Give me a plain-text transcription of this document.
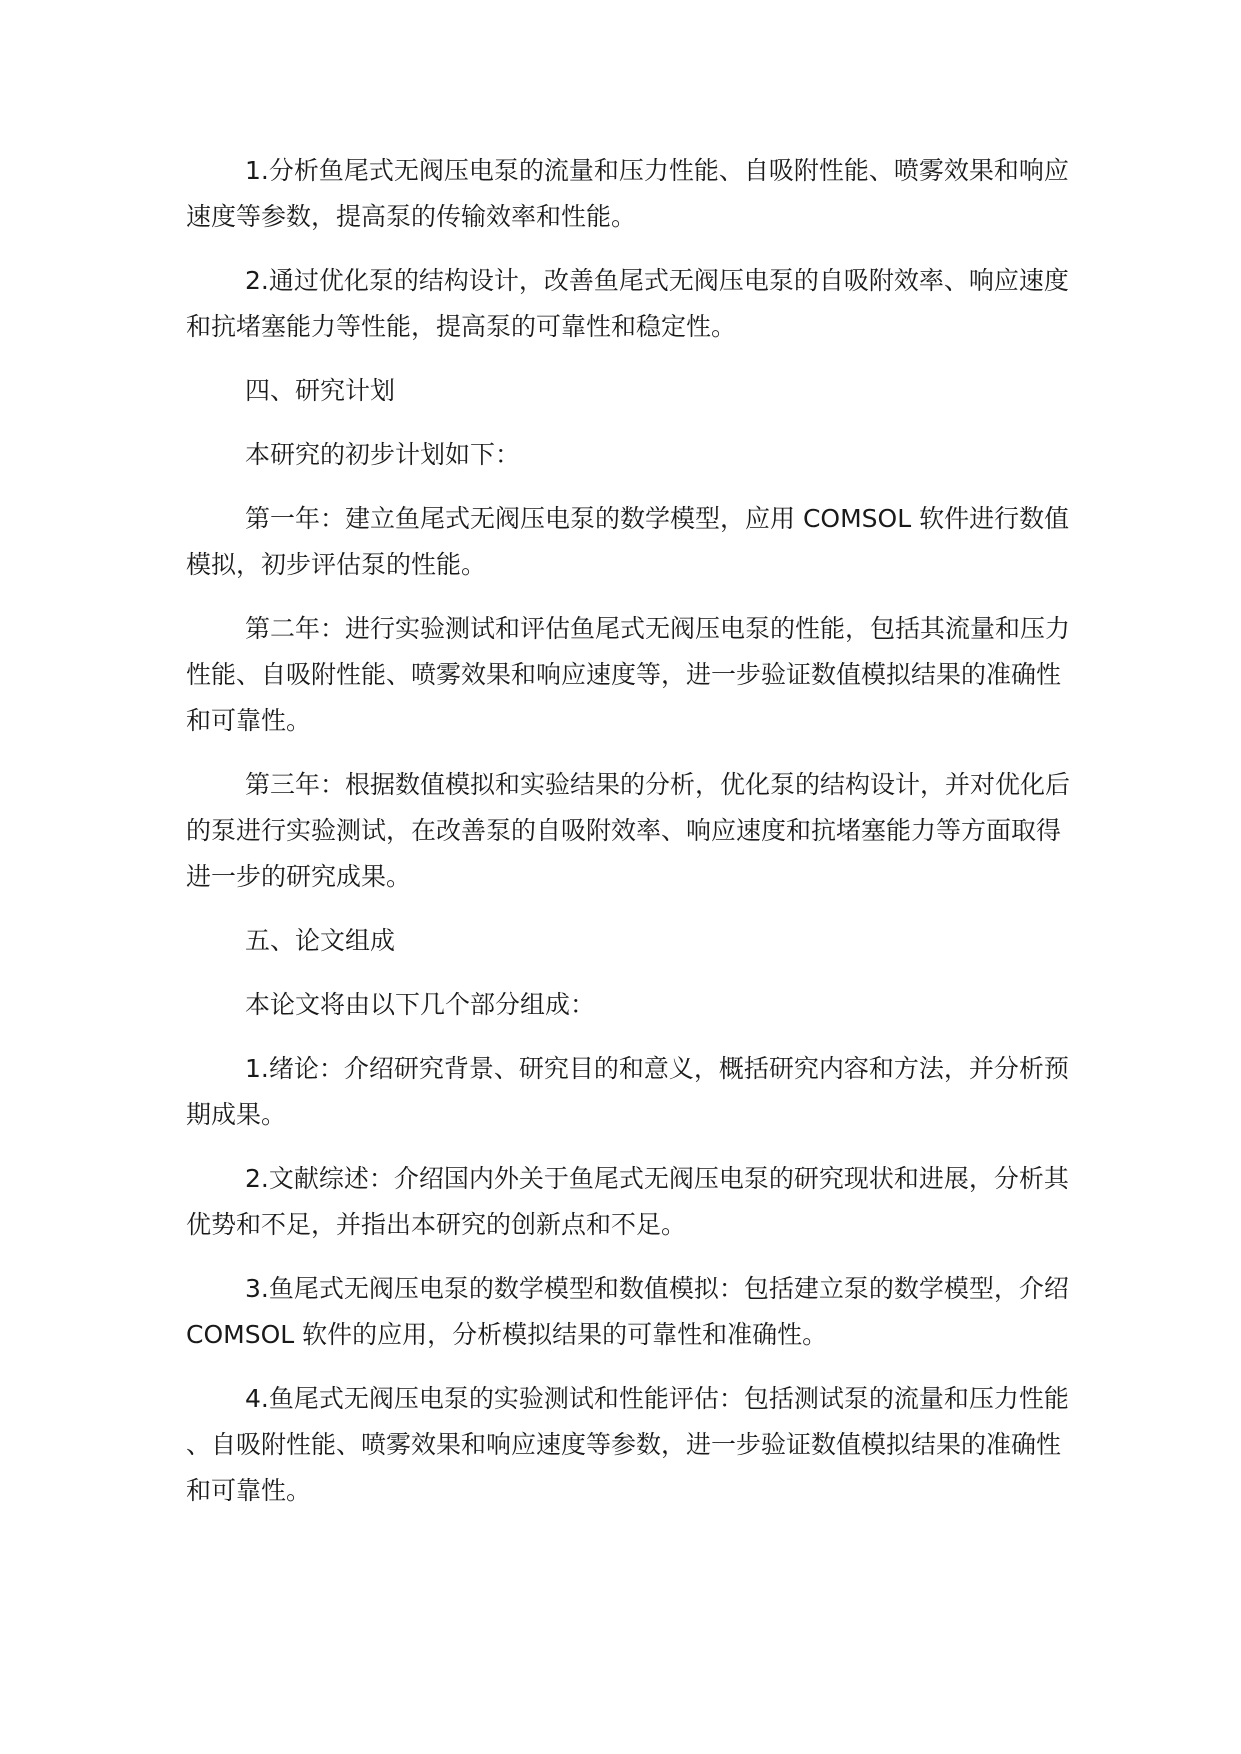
1.分析鱼尾式无阀压电泵的流量和压力性能、自吸附性能、喷雾效果和响应速度等参数，提高泵的传输效率和性能。

2.通过优化泵的结构设计，改善鱼尾式无阀压电泵的自吸附效率、响应速度和抗堵塞能力等性能，提高泵的可靠性和稳定性。

四、研究计划

本研究的初步计划如下：

第一年：建立鱼尾式无阀压电泵的数学模型，应用 COMSOL 软件进行数值模拟，初步评估泵的性能。

第二年：进行实验测试和评估鱼尾式无阀压电泵的性能，包括其流量和压力性能、自吸附性能、喷雾效果和响应速度等，进一步验证数值模拟结果的准确性和可靠性。

第三年：根据数值模拟和实验结果的分析，优化泵的结构设计，并对优化后的泵进行实验测试，在改善泵的自吸附效率、响应速度和抗堵塞能力等方面取得进一步的研究成果。

五、论文组成

本论文将由以下几个部分组成：

1.绪论：介绍研究背景、研究目的和意义，概括研究内容和方法，并分析预期成果。

2.文献综述：介绍国内外关于鱼尾式无阀压电泵的研究现状和进展，分析其优势和不足，并指出本研究的创新点和不足。

3.鱼尾式无阀压电泵的数学模型和数值模拟：包括建立泵的数学模型，介绍 COMSOL 软件的应用，分析模拟结果的可靠性和准确性。

4.鱼尾式无阀压电泵的实验测试和性能评估：包括测试泵的流量和压力性能、自吸附性能、喷雾效果和响应速度等参数，进一步验证数值模拟结果的准确性和可靠性。
